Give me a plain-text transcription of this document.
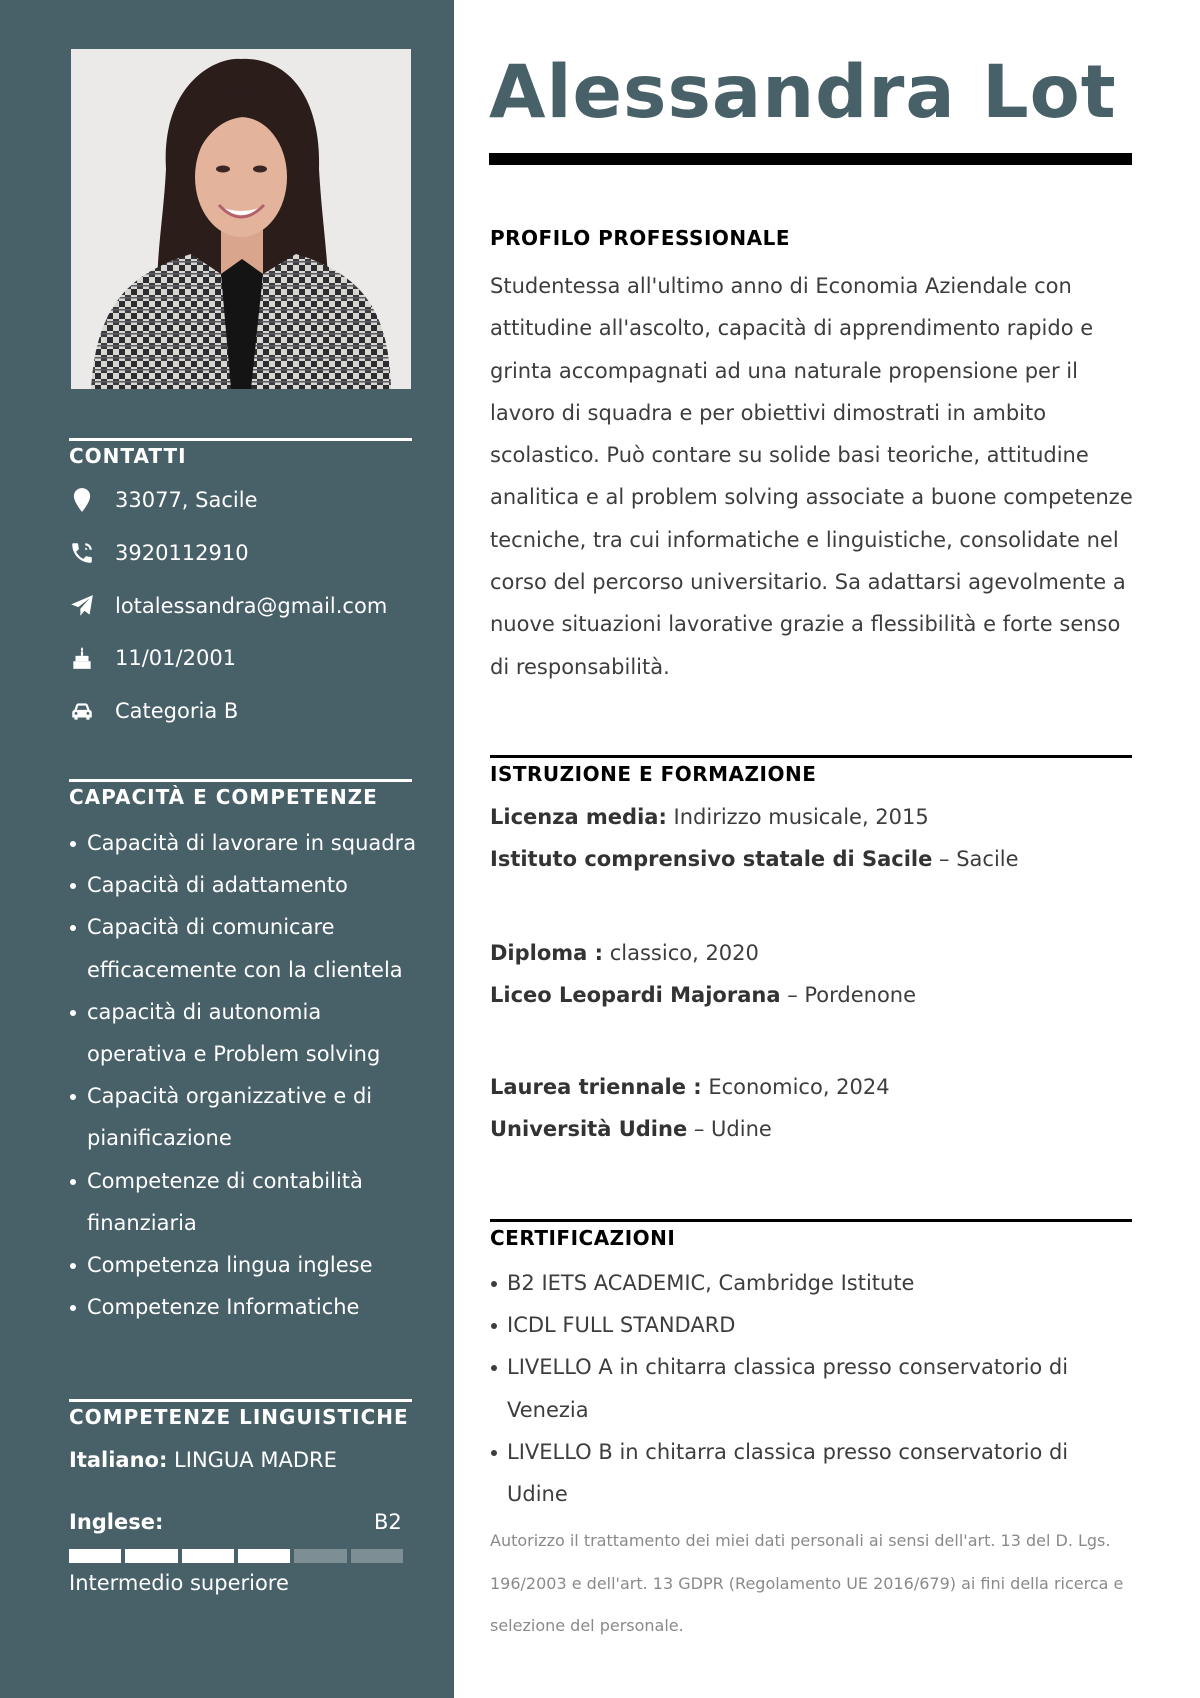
CONTATTI
33077, Sacile
3920112910
lotalessandra@gmail.com
11/01/2001
Categoria B
CAPACITÀ E COMPETENZE
Capacità di lavorare in squadra
Capacità di adattamento
Capacità di comunicare efficacemente con la clientela
capacità di autonomia operativa e Problem solving
Capacità organizzative e di pianificazione
Competenze di contabilità finanziaria
Competenza lingua inglese
Competenze Informatiche
COMPETENZE LINGUISTICHE
Italiano: LINGUA MADRE
Inglese:	B2
Intermedio superiore
Alessandra Lot
PROFILO PROFESSIONALE

Studentessa all'ultimo anno di Economia Aziendale con attitudine all'ascolto, capacità di apprendimento rapido e grinta accompagnati ad una naturale propensione per il lavoro di squadra e per obiettivi dimostrati in ambito scolastico. Può contare su solide basi teoriche, attitudine analitica e al problem solving associate a buone competenze tecniche, tra cui informatiche e linguistiche, consolidate nel corso del percorso universitario. Sa adattarsi agevolmente a nuove situazioni lavorative grazie a flessibilità e forte senso di responsabilità.

ISTRUZIONE E FORMAZIONE
Licenza media: Indirizzo musicale, 2015
Istituto comprensivo statale di Sacile – Sacile
Diploma : classico, 2020
Liceo Leopardi Majorana – Pordenone
Laurea triennale : Economico, 2024
Università Udine – Udine
CERTIFICAZIONI
B2 IETS ACADEMIC, Cambridge Istitute
ICDL FULL STANDARD
LIVELLO A in chitarra classica presso conservatorio di Venezia
LIVELLO B in chitarra classica presso conservatorio di Udine

Autorizzo il trattamento dei miei dati personali ai sensi dell'art. 13 del D. Lgs. 196/2003 e dell'art. 13 GDPR (Regolamento UE 2016/679) ai fini della ricerca e selezione del personale.
